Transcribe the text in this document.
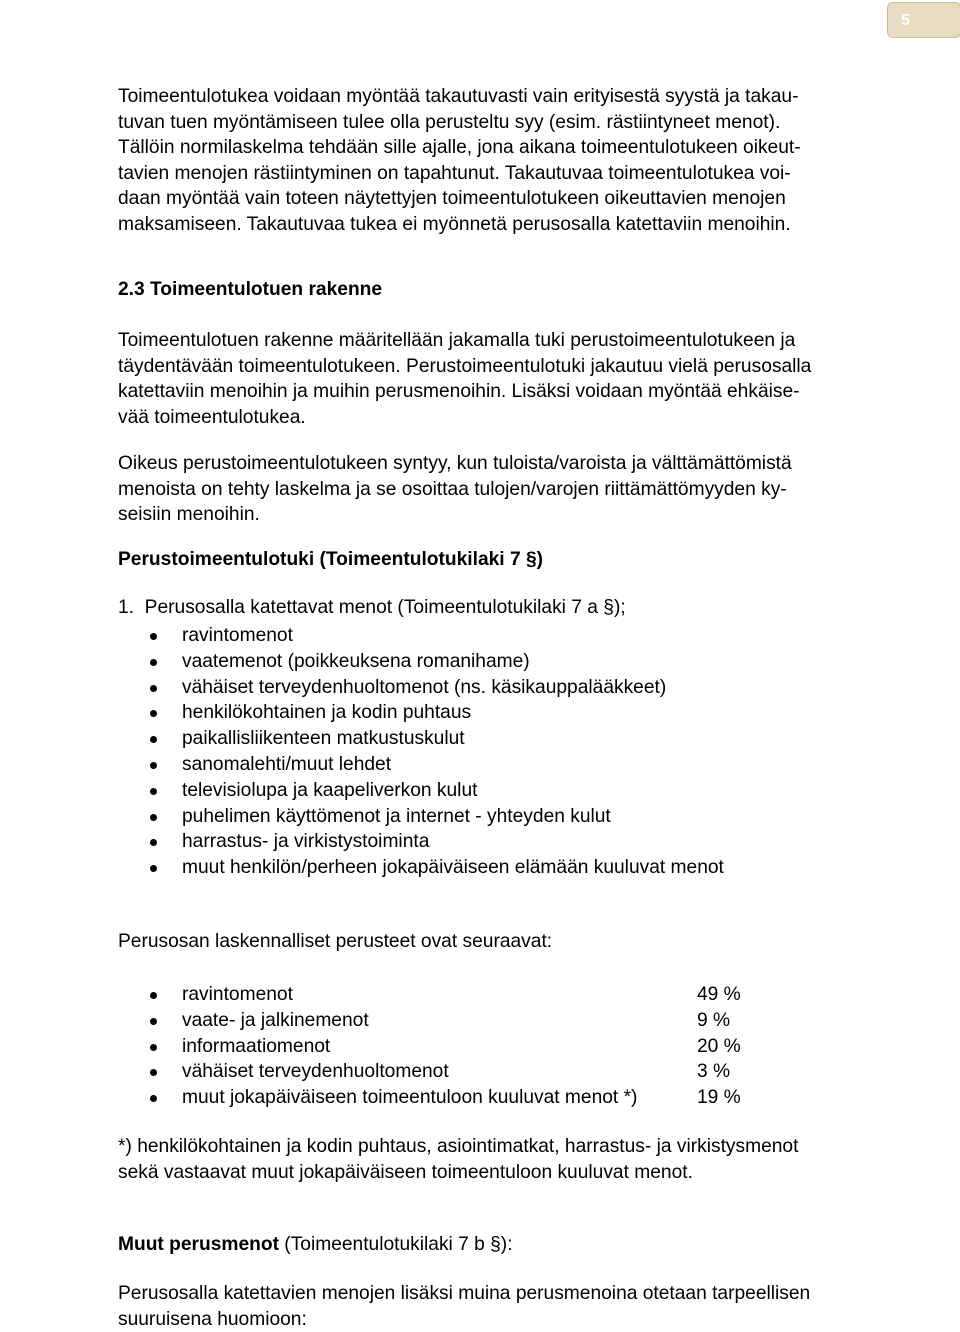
5
Toimeentulotukea voidaan myöntää takautuvasti vain erityisestä syystä ja takau-
tuvan tuen myöntämiseen tulee olla perusteltu syy (esim. rästiintyneet menot).
Tällöin normilaskelma tehdään sille ajalle, jona aikana toimeentulotukeen oikeut-
tavien menojen rästiintyminen on tapahtunut. Takautuvaa toimeentulotukea voi-
daan myöntää vain toteen näytettyjen toimeentulotukeen oikeuttavien menojen
maksamiseen. Takautuvaa tukea ei myönnetä perusosalla katettaviin menoihin.
2.3 Toimeentulotuen rakenne
Toimeentulotuen rakenne määritellään jakamalla tuki perustoimeentulotukeen ja
täydentävään toimeentulotukeen. Perustoimeentulotuki jakautuu vielä perusosalla
katettaviin menoihin ja muihin perusmenoihin. Lisäksi voidaan myöntää ehkäise-
vää toimeentulotukea.
Oikeus perustoimeentulotukeen syntyy, kun tuloista/varoista ja välttämättömistä
menoista on tehty laskelma ja se osoittaa tulojen/varojen riittämättömyyden ky-
seisiin menoihin.
Perustoimeentulotuki (Toimeentulotukilaki 7 §)
1.  Perusosalla katettavat menot (Toimeentulotukilaki 7 a §);
ravintomenot
vaatemenot (poikkeuksena romanihame)
vähäiset terveydenhuoltomenot (ns. käsikauppalääkkeet)
henkilökohtainen ja kodin puhtaus
paikallisliikenteen matkustuskulut
sanomalehti/muut lehdet
televisiolupa ja kaapeliverkon kulut
puhelimen käyttömenot ja internet - yhteyden kulut
harrastus- ja virkistystoiminta
muut henkilön/perheen jokapäiväiseen elämään kuuluvat menot
Perusosan laskennalliset perusteet ovat seuraavat:
ravintomenot	49 %
vaate- ja jalkinemenot	9 %
informaatiomenot	20 %
vähäiset terveydenhuoltomenot	3 %
muut jokapäiväiseen toimeentuloon kuuluvat menot *)	19 %
*) henkilökohtainen ja kodin puhtaus, asiointimatkat, harrastus- ja virkistysmenot
sekä vastaavat muut jokapäiväiseen toimeentuloon kuuluvat menot.
Muut perusmenot (Toimeentulotukilaki 7 b §):
Perusosalla katettavien menojen lisäksi muina perusmenoina otetaan tarpeellisen
suuruisena huomioon:
